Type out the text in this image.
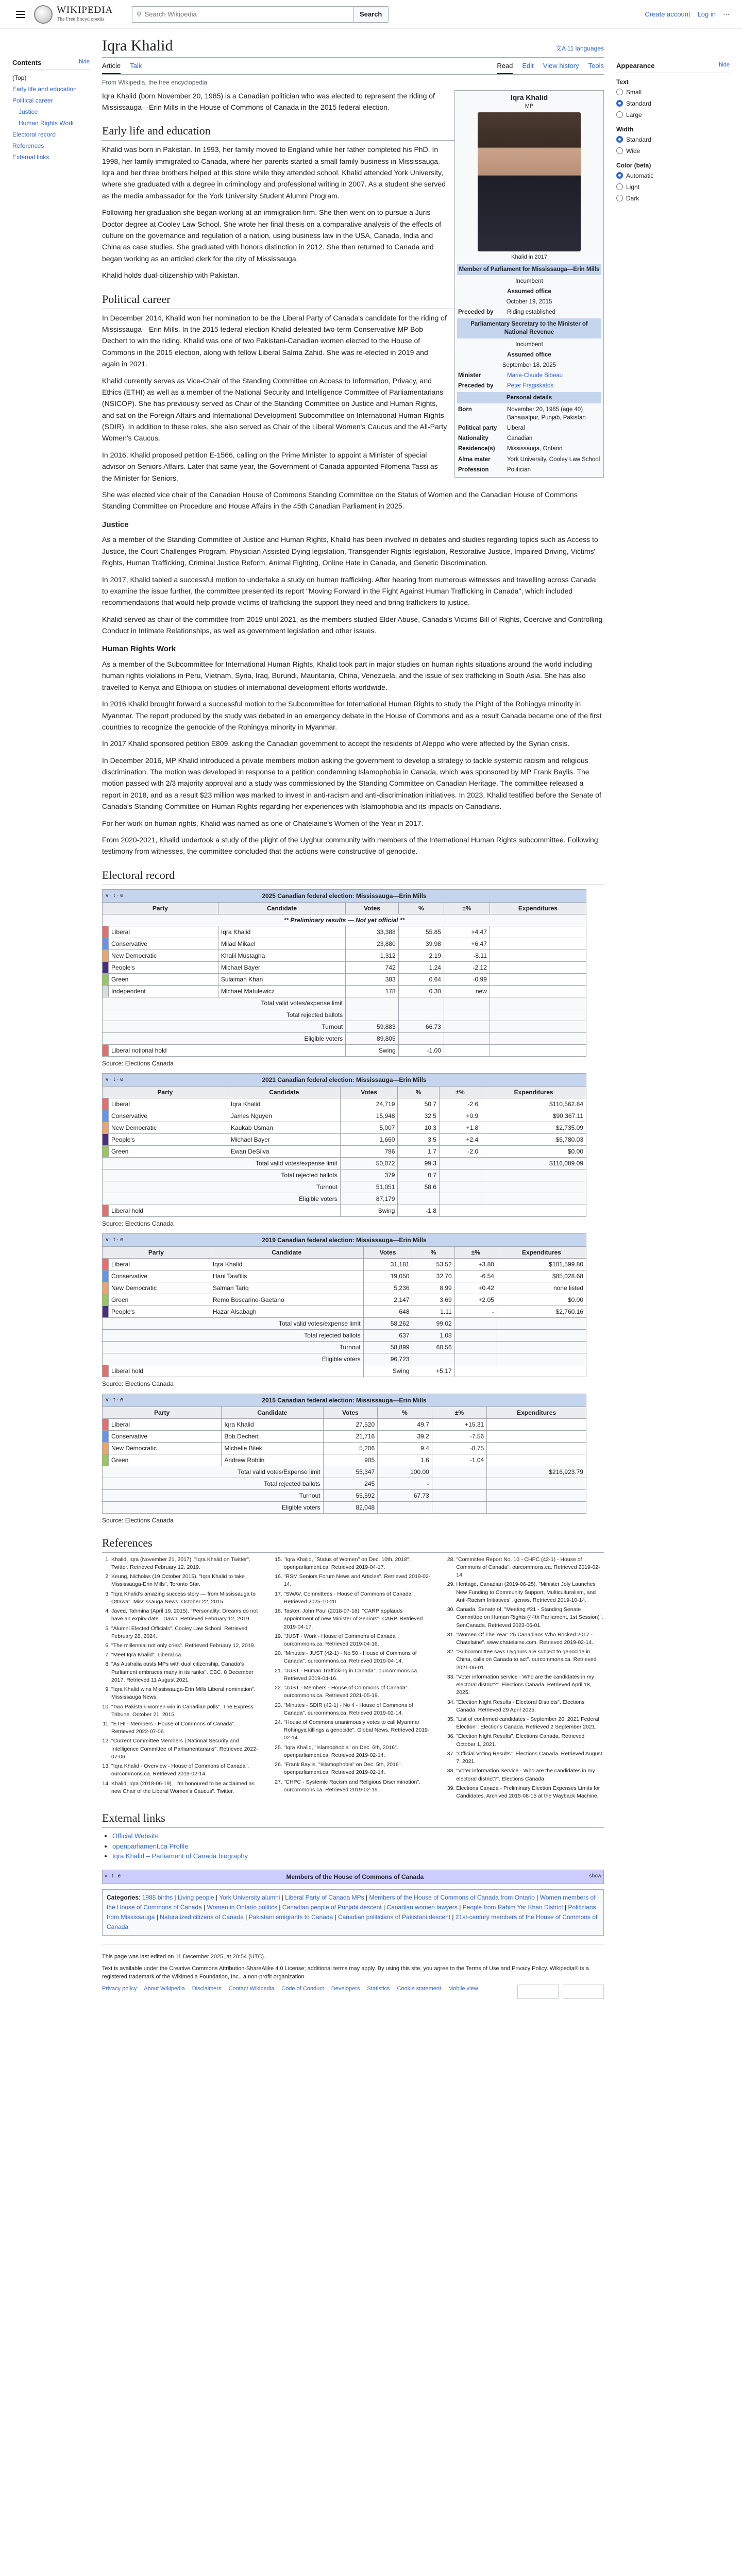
WIKIPEDIA
The Free Encyclopedia
⚲ Search Wikipedia	Search	Create account Log in ⋯
Contents	hide
(Top)
Early life and education
Political career
Justice
Human Rights Work
Electoral record
References
External links
Iqra Khalid	文A 11 languages
Article Talk	Read Edit View history Tools
From Wikipedia, the free encyclopedia
Iqra Khalid
MP
Khalid in 2017
Member of Parliament for Mississauga—Erin Mills
Incumbent
Assumed office
October 19, 2015
Preceded by	Riding established
Parliamentary Secretary to the Minister of National Revenue
Incumbent
Assumed office
September 18, 2025
Minister	Marie-Claude Bibeau
Preceded by	Peter Fragiskatos
Personal details
Born	November 20, 1985 (age 40) Bahawalpur, Punjab, Pakistan
Political party	Liberal
Nationality	Canadian
Residence(s)	Mississauga, Ontario
Alma mater	York University, Cooley Law School
Profession	Politician

Iqra Khalid (born November 20, 1985) is a Canadian politician who was elected to represent the riding of Mississauga—Erin Mills in the House of Commons of Canada in the 2015 federal election.

Early life and education

Khalid was born in Pakistan. In 1993, her family moved to England while her father completed his PhD. In 1998, her family immigrated to Canada, where her parents started a small family business in Mississauga. Iqra and her three brothers helped at this store while they attended school. Khalid attended York University, where she graduated with a degree in criminology and professional writing in 2007. As a student she served as the media ambassador for the York University Student Alumni Program.

Following her graduation she began working at an immigration firm. She then went on to pursue a Juris Doctor degree at Cooley Law School. She wrote her final thesis on a comparative analysis of the effects of culture on the governance and regulation of a nation, using business law in the USA, Canada, India and China as case studies. She graduated with honors distinction in 2012. She then returned to Canada and began working as an articled clerk for the city of Mississauga.

Khalid holds dual-citizenship with Pakistan.

Political career

In December 2014, Khalid won her nomination to be the Liberal Party of Canada's candidate for the riding of Mississauga—Erin Mills. In the 2015 federal election Khalid defeated two-term Conservative MP Bob Dechert to win the riding. Khalid was one of two Pakistani-Canadian women elected to the House of Commons in the 2015 election, along with fellow Liberal Salma Zahid. She was re-elected in 2019 and again in 2021.

Khalid currently serves as Vice-Chair of the Standing Committee on Access to Information, Privacy, and Ethics (ETHI) as well as a member of the National Security and Intelligence Committee of Parliamentarians (NSICOP). She has previously served as Chair of the Standing Committee on Justice and Human Rights, and sat on the Foreign Affairs and International Development Subcommittee on International Human Rights (SDIR). In addition to these roles, she also served as Chair of the Liberal Women's Caucus and the All-Party Women's Caucus.

In 2016, Khalid proposed petition E-1566, calling on the Prime Minister to appoint a Minister of special advisor on Seniors Affairs. Later that same year, the Government of Canada appointed Filomena Tassi as the Minister for Seniors.

She was elected vice chair of the Canadian House of Commons Standing Committee on the Status of Women and the Canadian House of Commons Standing Committee on Procedure and House Affairs in the 45th Canadian Parliament in 2025.

Justice

As a member of the Standing Committee of Justice and Human Rights, Khalid has been involved in debates and studies regarding topics such as Access to Justice, the Court Challenges Program, Physician Assisted Dying legislation, Transgender Rights legislation, Restorative Justice, Impaired Driving, Victims' Rights, Human Trafficking, Criminal Justice Reform, Animal Fighting, Online Hate in Canada, and Genetic Discrimination.

In 2017, Khalid tabled a successful motion to undertake a study on human trafficking. After hearing from numerous witnesses and travelling across Canada to examine the issue further, the committee presented its report "Moving Forward in the Fight Against Human Trafficking in Canada", which included recommendations that would help provide victims of trafficking the support they need and bring traffickers to justice.

Khalid served as chair of the committee from 2019 until 2021, as the members studied Elder Abuse, Canada's Victims Bill of Rights, Coercive and Controlling Conduct in Intimate Relationships, as well as government legislation and other issues.

Human Rights Work

As a member of the Subcommittee for International Human Rights, Khalid took part in major studies on human rights situations around the world including human rights violations in Peru, Vietnam, Syria, Iraq, Burundi, Mauritania, China, Venezuela, and the issue of sex trafficking in South Asia. She has also travelled to Kenya and Ethiopia on studies of international development efforts worldwide.

In 2016 Khalid brought forward a successful motion to the Subcommittee for International Human Rights to study the Plight of the Rohingya minority in Myanmar. The report produced by the study was debated in an emergency debate in the House of Commons and as a result Canada became one of the first countries to recognize the genocide of the Rohingya minority in Myanmar.

In 2017 Khalid sponsored petition E809, asking the Canadian government to accept the residents of Aleppo who were affected by the Syrian crisis.

In December 2016, MP Khalid introduced a private members motion asking the government to develop a strategy to tackle systemic racism and religious discrimination. The motion was developed in response to a petition condemning Islamophobia in Canada, which was sponsored by MP Frank Baylis. The motion passed with 2/3 majority approval and a study was commissioned by the Standing Committee on Canadian Heritage. The committee released a report in 2018, and as a result $23 million was marked to invest in anti-racism and anti-discrimination initiatives. In 2023, Khalid testified before the Senate of Canada's Standing Committee on Human Rights regarding her experiences with Islamophobia and its impacts on Canadians.

For her work on human rights, Khalid was named as one of Chatelaine's Women of the Year in 2017.

From 2020-2021, Khalid undertook a study of the plight of the Uyghur community with members of the International Human Rights subcommittee. Following testimony from witnesses, the committee concluded that the actions were constructive of genocide.

Electoral record
v · t · e	2025 Canadian federal election: Mississauga—Erin Mills
Party		Candidate	Votes	%	±%	Expenditures
** Preliminary results — Not yet official **						
	Liberal	Iqra Khalid	33,388	55.85	+4.47	
	Conservative	Milad Mikael	23,880	39.98	+6.47	
	New Democratic	Khalil Mustagha	1,312	2.19	-8.11	
	People's	Michael Bayer	742	1.24	-2.12	
	Green	Sulaiman Khan	383	0.64	-0.99	
	Independent	Michael Matulewicz	178	0.30	new	
Total valid votes/expense limit						
Total rejected ballots						
Turnout			59,883	66.73		
Eligible voters			89,805			
	Liberal notional hold		Swing	-1.00		
Source: Elections Canada
v · t · e	2021 Canadian federal election: Mississauga—Erin Mills
Party		Candidate	Votes	%	±%	Expenditures
	Liberal	Iqra Khalid	24,719	50.7	-2.6	$110,562.84
	Conservative	James Nguyen	15,948	32.5	+0.9	$90,367.11
	New Democratic	Kaukab Usman	5,007	10.3	+1.8	$2,735.09
	People's	Michael Bayer	1,660	3.5	+2.4	$6,780.03
	Green	Ewan DeSilva	786	1.7	-2.0	$0.00
Total valid votes/expense limit			50,072	99.3		$116,089.09
Total rejected ballots			379	0.7		
Turnout			51,051	58.6		
Eligible voters			87,179			
	Liberal hold		Swing	-1.8		
Source: Elections Canada
v · t · e	2019 Canadian federal election: Mississauga—Erin Mills
Party		Candidate	Votes	%	±%	Expenditures
	Liberal	Iqra Khalid	31,181	53.52	+3.80	$101,599.80
	Conservative	Hani Tawfilis	19,050	32.70	-6.54	$85,028.68
	New Democratic	Salman Tariq	5,236	8.99	+0.42	none listed
	Green	Remo Boscarino-Gaetano	2,147	3.69	+2.05	$0.00
	People's	Hazar Alsabagh	648	1.11	-	$2,760.16
Total valid votes/expense limit			58,262	99.02		
Total rejected ballots			637	1.08		
Turnout			58,899	60.56		
Eligible voters			96,723			
	Liberal hold		Swing	+5.17		
Source: Elections Canada
v · t · e	2015 Canadian federal election: Mississauga—Erin Mills
Party		Candidate	Votes	%	±%	Expenditures
	Liberal	Iqra Khalid	27,520	49.7	+15.31	
	Conservative	Bob Dechert	21,716	39.2	-7.56	
	New Democratic	Michelle Bilek	5,206	9.4	-8.75	
	Green	Andrew Roblin	905	1.6	-1.04	
Total valid votes/Expense limit			55,347	100.00		$216,923.79
Total rejected ballots			245	-		
Turnout			55,592	67.73		
Eligible voters			82,048			
Source: Elections Canada
References
1. Khalid, Iqra (November 21, 2017). "Iqra Khalid on Twitter". Twitter. Retrieved February 12, 2019.
2. Keung, Nicholas (19 October 2015). "Iqra Khalid to take Mississauga-Erin Mills". Toronto Star.
3. "Iqra Khalid's amazing success story — from Mississauga to Ottawa". Mississauga News. October 22, 2015.
4. Javed, Tahmina (April 19, 2015). "Personality: Dreams do not have an expiry date". Dawn. Retrieved February 12, 2019.
5. "Alumni Elected Officials". Cooley Law School. Retrieved February 28, 2024.
6. "The millennial not only cries". Retrieved February 12, 2019.
7. "Meet Iqra Khalid". Liberal.ca.
8. "As Australia ousts MPs with dual citizenship, Canada's Parliament embraces many in its ranks". CBC. 8 December 2017. Retrieved 11 August 2021.
9. "Iqra Khalid wins Mississauga-Erin Mills Liberal nomination". Mississauga News.
10. "Two Pakistani women win in Canadian polls". The Express Tribune. October 21, 2015.
11. "ETHI - Members - House of Commons of Canada". Retrieved 2022-07-06.
12. "Current Committee Members | National Security and Intelligence Committee of Parliamentarians". Retrieved 2022-07-06.
13. "Iqra Khalid - Overview - House of Commons of Canada". ourcommons.ca. Retrieved 2019-02-14.
14. Khalid, Iqra (2018-06-19). "I'm honoured to be acclaimed as new Chair of the Liberal Women's Caucus". Twitter.
15. "Iqra Khalid, "Status of Women" on Dec. 10th, 2018". openparliament.ca. Retrieved 2019-04-17.
16. "RSM Seniors Forum News and Articles". Retrieved 2019-02-14.
17. "SWAV, Committees - House of Commons of Canada". Retrieved 2025-10-20.
18. Tasker, John Paul (2018-07-18). "CARP applauds appointment of new Minister of Seniors". CARP. Retrieved 2019-04-17.
19. "JUST - Work - House of Commons of Canada". ourcommons.ca. Retrieved 2019-04-16.
20. "Minutes - JUST (42-1) - No 50 - House of Commons of Canada". ourcommons.ca. Retrieved 2019-04-14.
21. "JUST - Human Trafficking in Canada". ourcommons.ca. Retrieved 2019-04-16.
22. "JUST - Members - House of Commons of Canada". ourcommons.ca. Retrieved 2021-05-19.
23. "Minutes - SDIR (42-1) - No 4 - House of Commons of Canada". ourcommons.ca. Retrieved 2019-02-14.
24. "House of Commons unanimously votes to call Myanmar Rohingya killings a genocide". Global News. Retrieved 2019-02-14.
25. "Iqra Khalid, "Islamophobia" on Dec. 6th, 2016". openparliament.ca. Retrieved 2019-02-14.
26. "Frank Baylis, "Islamophobia" on Dec. 5th, 2016". openparliament.ca. Retrieved 2019-02-14.
27. "CHPC - Systemic Racism and Religious Discrimination". ourcommons.ca. Retrieved 2019-02-19.
28. "Committee Report No. 10 - CHPC (42-1) - House of Commons of Canada". ourcommons.ca. Retrieved 2019-02-14.
29. Heritage, Canadian (2019-06-25). "Minister Joly Launches New Funding to Community Support, Multiculturalism, and Anti-Racism Initiatives". gcnws. Retrieved 2019-10-14.
30. Canada, Senate of. "Meeting #21 - Standing Senate Committee on Human Rights (44th Parliament, 1st Session)". SenCanada. Retrieved 2023-06-01.
31. "Women Of The Year: 25 Canadians Who Rocked 2017 - Chatelaine". www.chatelaine.com. Retrieved 2019-02-14.
32. "Subcommittee says Uyghurs are subject to genocide in China, calls on Canada to act". ourcommons.ca. Retrieved 2021-06-01.
33. "Voter information service - Who are the candidates in my electoral district?". Elections Canada. Retrieved April 18, 2025.
34. "Election Night Results - Electoral Districts". Elections Canada. Retrieved 29 April 2025.
35. "List of confirmed candidates - September 20, 2021 Federal Election". Elections Canada. Retrieved 2 September 2021.
36. "Election Night Results". Elections Canada. Retrieved October 1, 2021.
37. "Official Voting Results". Elections Canada. Retrieved August 7, 2021.
38. "Voter information Service - Who are the candidates in my electoral district?". Elections Canada.
39. Elections Canada - Preliminary Election Expenses Limits for Candidates. Archived 2015-08-15 at the Wayback Machine.
External links
• Official Website
• openparliament.ca Profile
• Iqra Khalid – Parliament of Canada biography
v · t · e	show
Members of the House of Commons of Canada
Categories: 1985 births | Living people | York University alumni | Liberal Party of Canada MPs | Members of the House of Commons of Canada from Ontario | Women members of the House of Commons of Canada | Women in Ontario politics | Canadian people of Punjabi descent | Canadian women lawyers | People from Rahim Yar Khan District | Politicians from Mississauga | Naturalized citizens of Canada | Pakistani emigrants to Canada | Canadian politicians of Pakistani descent | 21st-century members of the House of Commons of Canada

This page was last edited on 11 December 2025, at 20:54 (UTC).

Text is available under the Creative Commons Attribution-ShareAlike 4.0 License; additional terms may apply. By using this site, you agree to the Terms of Use and Privacy Policy. Wikipedia® is a registered trademark of the Wikimedia Foundation, Inc., a non-profit organization.

Privacy policy About Wikipedia Disclaimers Contact Wikipedia Code of Conduct Developers Statistics Cookie statement Mobile view
Appearance	hide
Text
Small
Standard
Large
Width
Standard
Wide
Color (beta)
Automatic
Light
Dark
